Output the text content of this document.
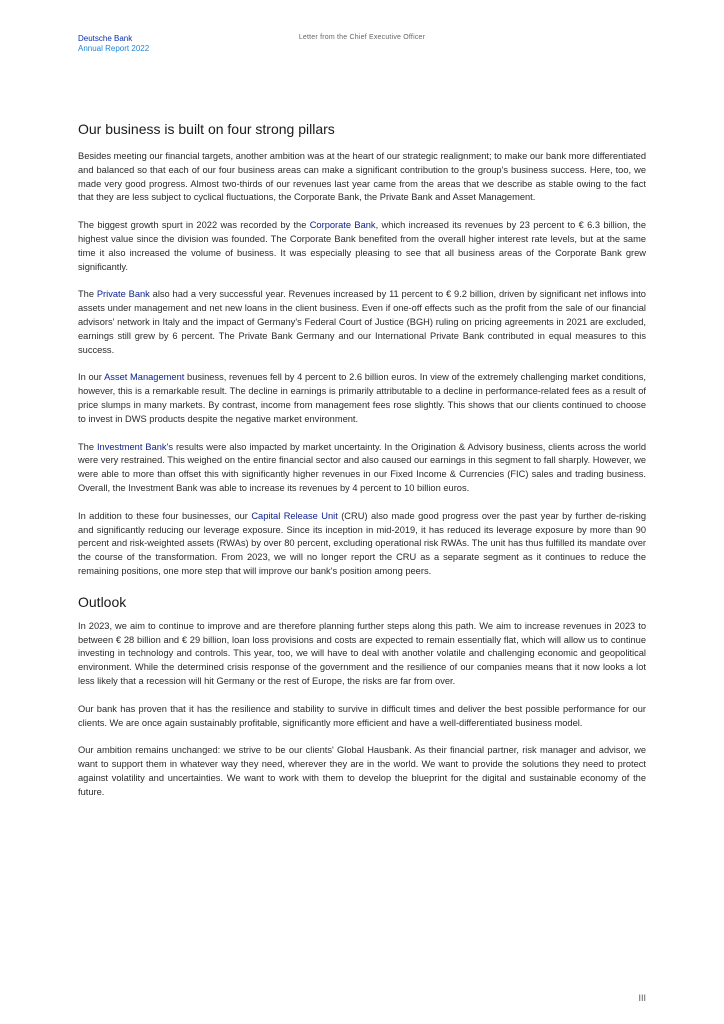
Deutsche Bank
Annual Report 2022
Letter from the Chief Executive Officer
Our business is built on four strong pillars

Besides meeting our financial targets, another ambition was at the heart of our strategic realignment; to make our bank more differentiated and balanced so that each of our four business areas can make a significant contribution to the group's business success. Here, too, we made very good progress. Almost two-thirds of our revenues last year came from the areas that we describe as stable owing to the fact that they are less subject to cyclical fluctuations, the Corporate Bank, the Private Bank and Asset Management.

The biggest growth spurt in 2022 was recorded by the Corporate Bank, which increased its revenues by 23 percent to € 6.3 billion, the highest value since the division was founded. The Corporate Bank benefited from the overall higher interest rate levels, but at the same time it also increased the volume of business. It was especially pleasing to see that all business areas of the Corporate Bank grew significantly.

The Private Bank also had a very successful year. Revenues increased by 11 percent to € 9.2 billion, driven by significant net inflows into assets under management and net new loans in the client business. Even if one-off effects such as the profit from the sale of our financial advisors' network in Italy and the impact of Germany's Federal Court of Justice (BGH) ruling on pricing agreements in 2021 are excluded, earnings still grew by 6 percent. The Private Bank Germany and our International Private Bank contributed in equal measures to this success.

In our Asset Management business, revenues fell by 4 percent to 2.6 billion euros. In view of the extremely challenging market conditions, however, this is a remarkable result. The decline in earnings is primarily attributable to a decline in performance-related fees as a result of price slumps in many markets. By contrast, income from management fees rose slightly. This shows that our clients continued to choose to invest in DWS products despite the negative market environment.

The Investment Bank's results were also impacted by market uncertainty. In the Origination & Advisory business, clients across the world were very restrained. This weighed on the entire financial sector and also caused our earnings in this segment to fall sharply. However, we were able to more than offset this with significantly higher revenues in our Fixed Income & Currencies (FIC) sales and trading business. Overall, the Investment Bank was able to increase its revenues by 4 percent to 10 billion euros.

In addition to these four businesses, our Capital Release Unit (CRU) also made good progress over the past year by further de-risking and significantly reducing our leverage exposure. Since its inception in mid-2019, it has reduced its leverage exposure by more than 90 percent and risk-weighted assets (RWAs) by over 80 percent, excluding operational risk RWAs. The unit has thus fulfilled its mandate over the course of the transformation. From 2023, we will no longer report the CRU as a separate segment as it continues to reduce the remaining positions, one more step that will improve our bank's position among peers.

Outlook

In 2023, we aim to continue to improve and are therefore planning further steps along this path. We aim to increase revenues in 2023 to between € 28 billion and € 29 billion, loan loss provisions and costs are expected to remain essentially flat, which will allow us to continue investing in technology and controls. This year, too, we will have to deal with another volatile and challenging economic and geopolitical environment. While the determined crisis response of the government and the resilience of our companies means that it now looks a lot less likely that a recession will hit Germany or the rest of Europe, the risks are far from over.

Our bank has proven that it has the resilience and stability to survive in difficult times and deliver the best possible performance for our clients. We are once again sustainably profitable, significantly more efficient and have a well-differentiated business model.

Our ambition remains unchanged: we strive to be our clients' Global Hausbank. As their financial partner, risk manager and advisor, we want to support them in whatever way they need, wherever they are in the world. We want to provide the solutions they need to protect against volatility and uncertainties. We want to work with them to develop the blueprint for the digital and sustainable economy of the future.

III
